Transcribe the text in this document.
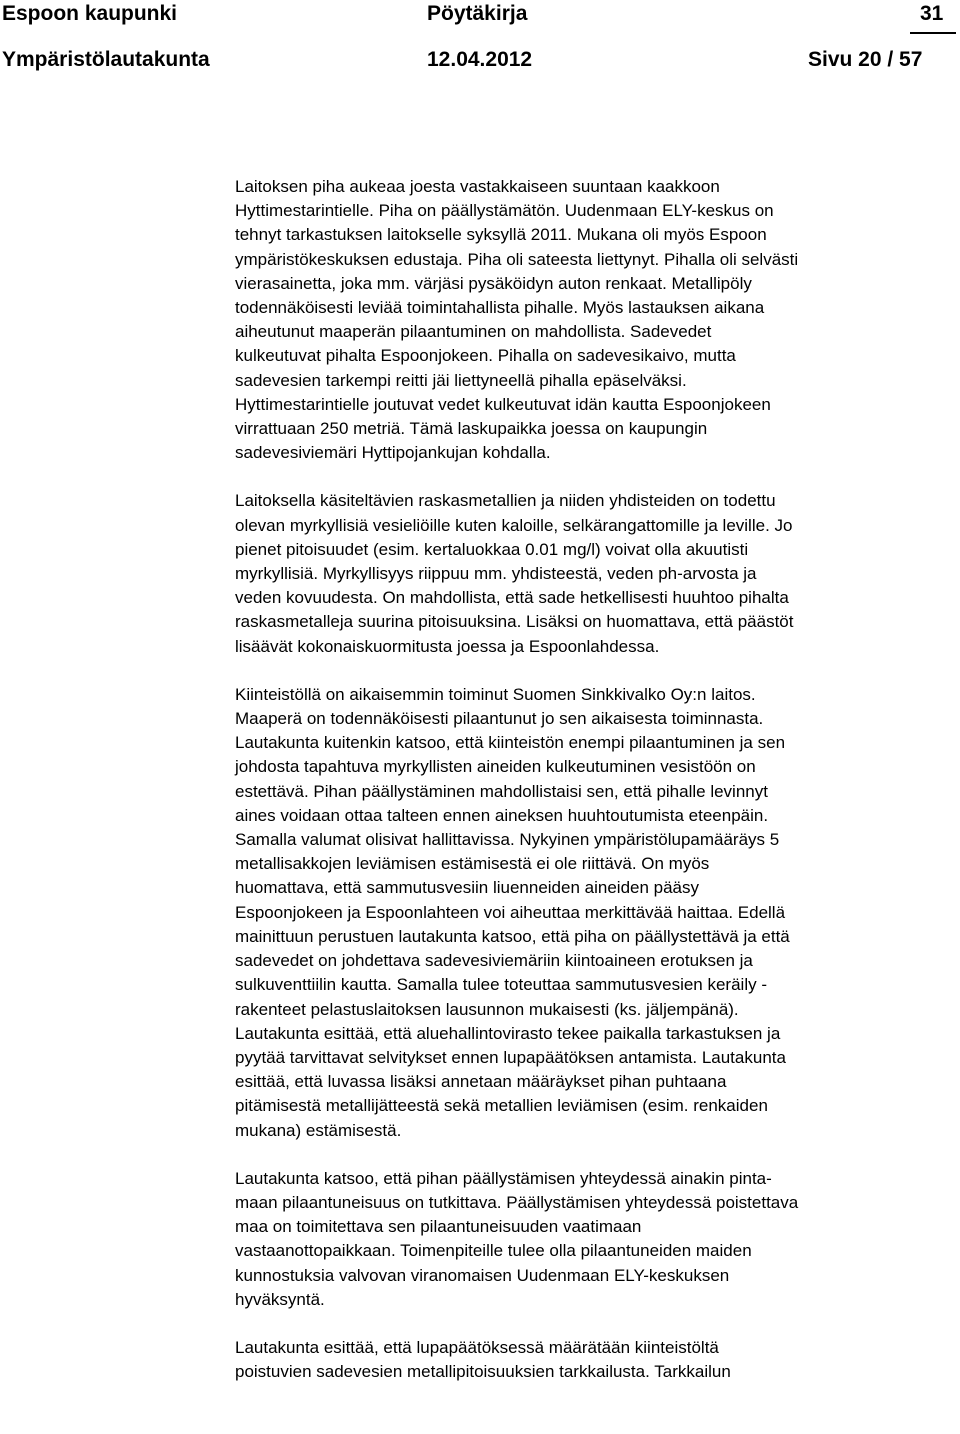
Espoon kaupunki	Pöytäkirja	31
Ympäristölautakunta	12.04.2012	Sivu 20 / 57

Laitoksen piha aukeaa joesta vastakkaiseen suuntaan kaakkoon
Hyttimestarintielle. Piha on päällystämätön. Uudenmaan ELY-keskus on
tehnyt tarkastuksen laitokselle syksyllä 2011. Mukana oli myös Espoon
ympäristökeskuksen edustaja. Piha oli sateesta liettynyt. Pihalla oli selvästi
vierasainetta, joka mm. värjäsi pysäköidyn auton renkaat. Metallipöly
todennäköisesti leviää toimintahallista pihalle. Myös lastauksen aikana
aiheutunut maaperän pilaantuminen on mahdollista. Sadevedet
kulkeutuvat pihalta Espoonjokeen. Pihalla on sadevesikaivo, mutta
sadevesien tarkempi reitti jäi liettyneellä pihalla epäselväksi.
Hyttimestarintielle joutuvat vedet kulkeutuvat idän kautta Espoonjokeen
virrattuaan 250 metriä. Tämä laskupaikka joessa on kaupungin
sadevesiviemäri Hyttipojankujan kohdalla.

Laitoksella käsiteltävien raskasmetallien ja niiden yhdisteiden on todettu
olevan myrkyllisiä vesieliöille kuten kaloille, selkärangattomille ja leville. Jo
pienet pitoisuudet (esim. kertaluokkaa 0.01 mg/l) voivat olla akuutisti
myrkyllisiä. Myrkyllisyys riippuu mm. yhdisteestä, veden ph-arvosta ja
veden kovuudesta. On mahdollista, että sade hetkellisesti huuhtoo pihalta
raskasmetalleja suurina pitoisuuksina. Lisäksi on huomattava, että päästöt
lisäävät kokonaiskuormitusta joessa ja Espoonlahdessa.

Kiinteistöllä on aikaisemmin toiminut Suomen Sinkkivalko Oy:n laitos.
Maaperä on todennäköisesti pilaantunut jo sen aikaisesta toiminnasta.
Lautakunta kuitenkin katsoo, että kiinteistön enempi pilaantuminen ja sen
johdosta tapahtuva myrkyllisten aineiden kulkeutuminen vesistöön on
estettävä. Pihan päällystäminen mahdollistaisi sen, että pihalle levinnyt
aines voidaan ottaa talteen ennen aineksen huuhtoutumista eteenpäin.
Samalla valumat olisivat hallittavissa. Nykyinen ympäristölupamääräys 5
metallisakkojen leviämisen estämisestä ei ole riittävä. On myös
huomattava, että sammutusvesiin liuenneiden aineiden pääsy
Espoonjokeen ja Espoonlahteen voi aiheuttaa merkittävää haittaa. Edellä
mainittuun perustuen lautakunta katsoo, että piha on päällystettävä ja että
sadevedet on johdettava sadevesiviemäriin kiintoaineen erotuksen ja
sulkuventtiilin kautta. Samalla tulee toteuttaa sammutusvesien keräily -
rakenteet pelastuslaitoksen lausunnon mukaisesti (ks. jäljempänä).
Lautakunta esittää, että aluehallintovirasto tekee paikalla tarkastuksen ja
pyytää tarvittavat selvitykset ennen lupapäätöksen antamista. Lautakunta
esittää, että luvassa lisäksi annetaan määräykset pihan puhtaana
pitämisestä metallijätteestä sekä metallien leviämisen (esim. renkaiden
mukana) estämisestä.

Lautakunta katsoo, että pihan päällystämisen yhteydessä ainakin pinta-
maan pilaantuneisuus on tutkittava. Päällystämisen yhteydessä poistettava
maa on toimitettava sen pilaantuneisuuden vaatimaan
vastaanottopaikkaan. Toimenpiteille tulee olla pilaantuneiden maiden
kunnostuksia valvovan viranomaisen Uudenmaan ELY-keskuksen
hyväksyntä.

Lautakunta esittää, että lupapäätöksessä määrätään kiinteistöltä
poistuvien sadevesien metallipitoisuuksien tarkkailusta. Tarkkailun
